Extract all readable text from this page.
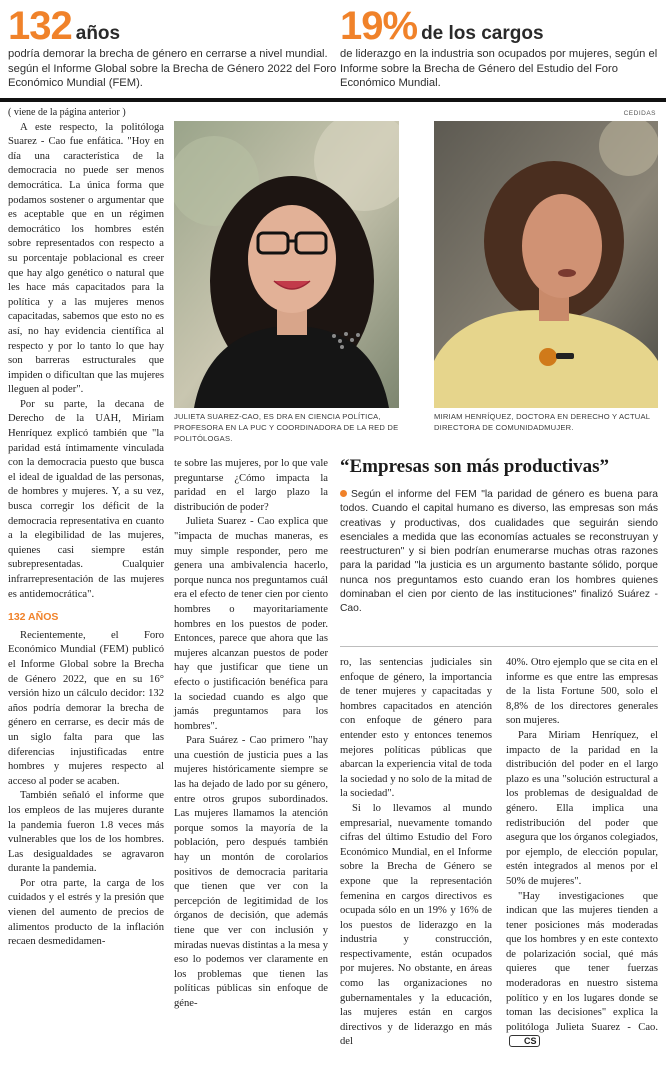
132 años
podría demorar la brecha de género en cerrarse a nivel mundial. según el Informe Global sobre la Brecha de Género 2022 del Foro Económico Mundial (FEM).
19% de los cargos
de liderazgo en la industria son ocupados por mujeres, según el Informe sobre la Brecha de Género del Estudio del Foro Económico Mundial.
CEDIDAS

( viene de la página anterior )

A este respecto, la politóloga Suarez - Cao fue enfática. "Hoy en día una característica de la democracia no puede ser menos democrática. La única forma que podamos sostener o argumentar que es aceptable que en un régimen democrático los hombres estén sobre representados con respecto a su porcentaje poblacional es creer que hay algo genético o natural que les hace más capacitados para la política y a las mujeres menos capacitadas, sabemos que esto no es así, no hay evidencia científica al respecto y por lo tanto lo que hay son barreras estructurales que impiden o dificultan que las mujeres lleguen al poder".

Por su parte, la decana de Derecho de la UAH, Miriam Henríquez explicó también que "la paridad está íntimamente vinculada con la democracia puesto que busca el ideal de igualdad de las personas, de hombres y mujeres. Y, a su vez, busca corregir los déficit de la democracia representativa en cuanto a la elegibilidad de las mujeres, quienes casi siempre están subrepresentadas. Cualquier infrarrepresentación de las mujeres es antidemocrática".

132 AÑOS

Recientemente, el Foro Económico Mundial (FEM) publicó el Informe Global sobre la Brecha de Género 2022, que en su 16° versión hizo un cálculo decidor: 132 años podría demorar la brecha de género en cerrarse, es decir más de un siglo falta para que las diferencias injustificadas entre hombres y mujeres respecto al acceso al poder se acaben.

También señaló el informe que los empleos de las mujeres durante la pandemia fueron 1.8 veces más vulnerables que los de los hombres. Las desigualdades se agravaron durante la pandemia.

Por otra parte, la carga de los cuidados y el estrés y la presión que vienen del aumento de precios de alimentos producto de la inflación recaen desmedidamen-

JULIETA SUAREZ-CAO, ES DRA EN CIENCIA POLÍTICA, PROFESORA EN LA PUC Y COORDINADORA DE LA RED DE POLITÓLOGAS.
MIRIAM HENRÍQUEZ, DOCTORA EN DERECHO Y ACTUAL DIRECTORA DE COMUNIDADMUJER.

te sobre las mujeres, por lo que vale preguntarse ¿Cómo impacta la paridad en el largo plazo la distribución de poder?

Julieta Suarez - Cao explica que "impacta de muchas maneras, es muy simple responder, pero me genera una ambivalencia hacerlo, porque nunca nos preguntamos cuál era el efecto de tener cien por ciento hombres o mayoritariamente hombres en los puestos de poder. Entonces, parece que ahora que las mujeres alcanzan puestos de poder hay que justificar que tiene un efecto o justificación benéfica para la sociedad cuando es algo que jamás preguntamos para los hombres".

Para Suárez - Cao primero "hay una cuestión de justicia pues a las mujeres históricamente siempre se las ha dejado de lado por su género, entre otros grupos subordinados. Las mujeres llamamos la atención porque somos la mayoría de la población, pero después también hay un montón de corolarios positivos de democracia paritaria que tienen que ver con la percepción de legitimidad de los órganos de decisión, que además tiene que ver con inclusión y miradas nuevas distintas a la mesa y eso lo podemos ver claramente en los problemas que tienen las políticas públicas sin enfoque de géne-

“Empresas son más productivas”
Según el informe del FEM "la paridad de género es buena para todos. Cuando el capital humano es diverso, las empresas son más creativas y productivas, dos cualidades que seguirán siendo esenciales a medida que las economías actuales se reconstruyan y reestructuren" y si bien podrían enumerarse muchas otras razones para la paridad "la justicia es un argumento bastante sólido, porque nunca nos preguntamos esto cuando eran los hombres quienes dominaban el cien por ciento de las instituciones" finalizó Suárez - Cao.

ro, las sentencias judiciales sin enfoque de género, la importancia de tener mujeres y capacitadas y hombres capacitados en atención con enfoque de género para entender esto y entonces tenemos mejores políticas públicas que abarcan la experiencia vital de toda la sociedad y no solo de la mitad de la sociedad".

Si lo llevamos al mundo empresarial, nuevamente tomando cifras del último Estudio del Foro Económico Mundial, en el Informe sobre la Brecha de Género se expone que la representación femenina en cargos directivos es ocupada sólo en un 19% y 16% de los puestos de liderazgo en la industria y construcción, respectivamente, están ocupados por mujeres. No obstante, en áreas como las organizaciones no gubernamentales y la educación, las mujeres están en cargos directivos y de liderazgo en más del

40%. Otro ejemplo que se cita en el informe es que entre las empresas de la lista Fortune 500, solo el 8,8% de los directores generales son mujeres.

Para Miriam Henríquez, el impacto de la paridad en la distribución del poder en el largo plazo es una "solución estructural a los problemas de desigualdad de género. Ella implica una redistribución del poder que asegura que los órganos colegiados, por ejemplo, de elección popular, estén integrados al menos por el 50% de mujeres".

"Hay investigaciones que indican que las mujeres tienden a tener posiciones más moderadas que los hombres y en este contexto de polarización social, qué más quieres que tener fuerzas moderadoras en nuestro sistema político y en los lugares donde se toman las decisiones" explica la politóloga Julieta Suarez - Cao.CS
